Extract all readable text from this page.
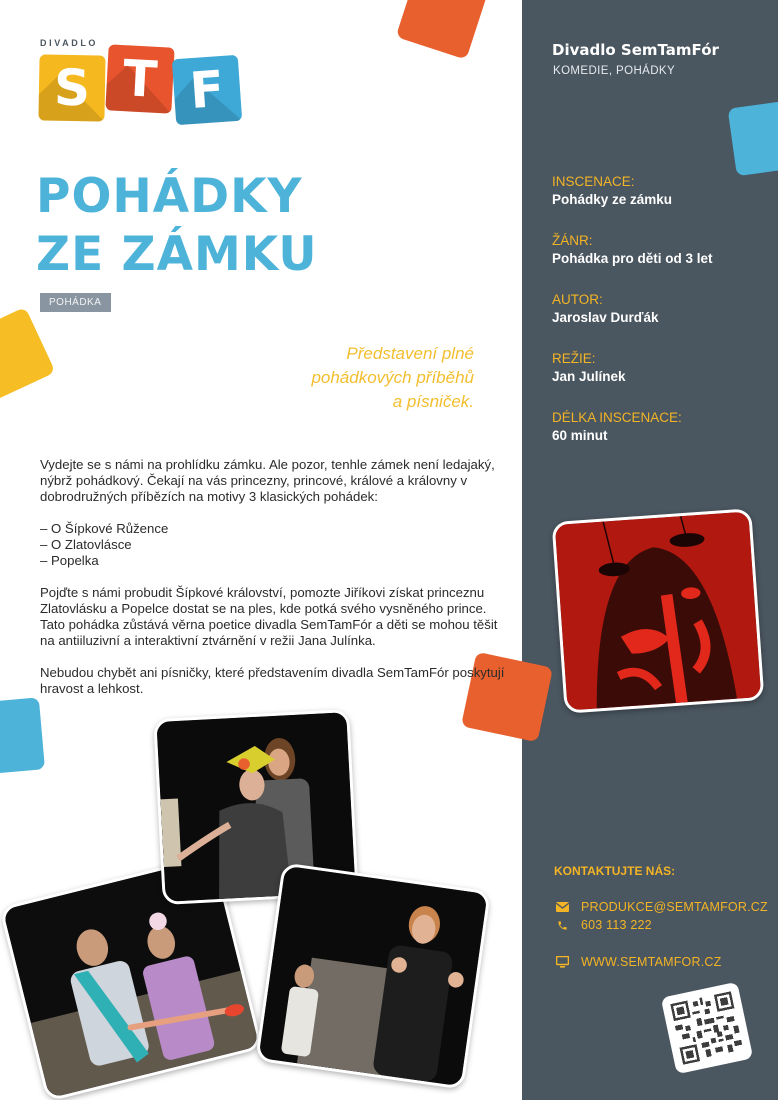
DIVADLO
S T F
POHÁDKY
ZE ZÁMKU
POHÁDKA
Představení plné
pohádkových příběhů
a písniček.

Vydejte se s námi na prohlídku zámku. Ale pozor, tenhle zámek není ledajaký, nýbrž pohádkový. Čekají na vás princezny, princové, králové a královny v dobrodružných příbězích na motivy 3 klasických pohádek:

– O Šípkové Růžence
– O Zlatovlásce
– Popelka

Pojďte s námi probudit Šípkové království, pomozte Jiříkovi získat princeznu Zlatovlásku a Popelce dostat se na ples, kde potká svého vysněného prince. Tato pohádka zůstává věrna poetice divadla SemTamFór a děti se mohou těšit na antiiluzivní a interaktivní ztvárnění v režii Jana Julínka.

Nebudou chybět ani písničky, které představením divadla SemTamFór poskytují hravost a lehkost.

Divadlo SemTamFór
KOMEDIE, POHÁDKY
INSCENACE:
Pohádky ze zámku
ŽÁNR:
Pohádka pro děti od 3 let
AUTOR:
Jaroslav Durďák
REŽIE:
Jan Julínek
DÉLKA INSCENACE:
60 minut
KONTAKTUJTE NÁS:
PRODUKCE@SEMTAMFOR.CZ
603 113 222
WWW.SEMTAMFOR.CZ
